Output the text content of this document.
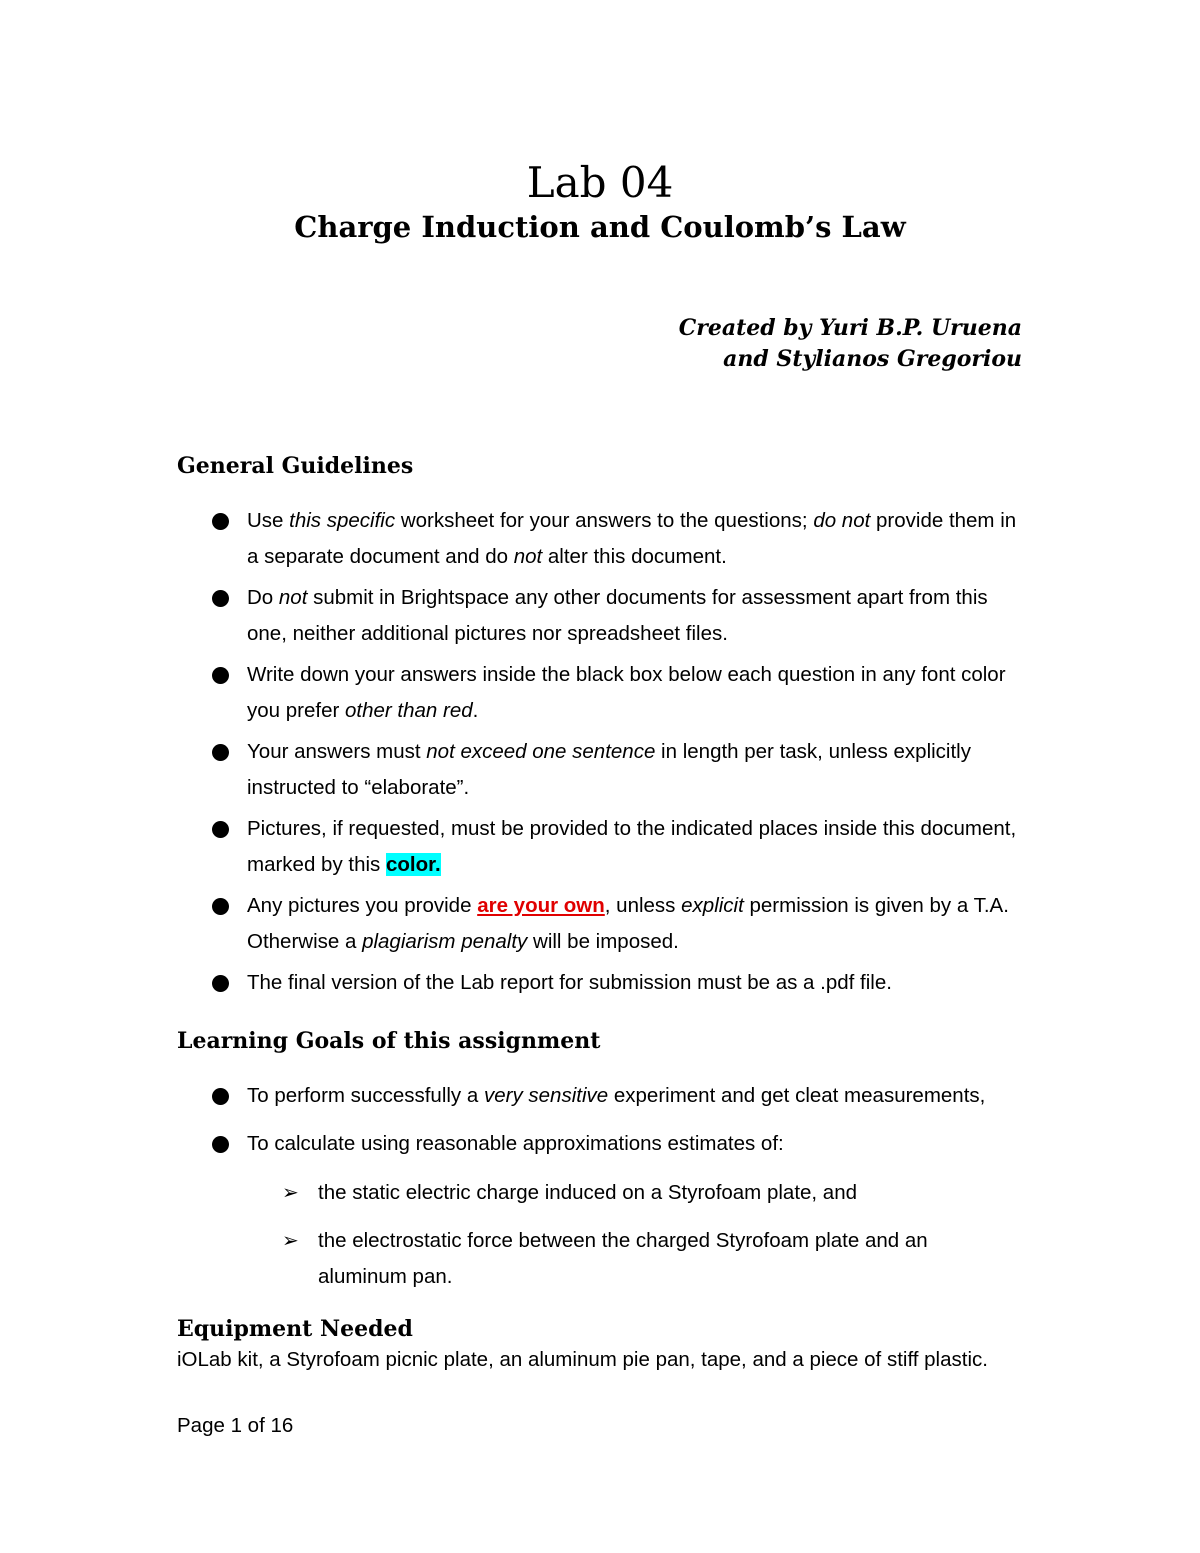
Lab 04
Charge Induction and Coulomb’s Law
Created by Yuri B.P. Uruena
and Stylianos Gregoriou
General Guidelines
Use this specific worksheet for your answers to the questions; do not provide them in a separate document and do not alter this document.
Do not submit in Brightspace any other documents for assessment apart from this one, neither additional pictures nor spreadsheet files.
Write down your answers inside the black box below each question in any font color you prefer other than red.
Your answers must not exceed one sentence in length per task, unless explicitly instructed to “elaborate”.
Pictures, if requested, must be provided to the indicated places inside this document, marked by this color.
Any pictures you provide are your own, unless explicit permission is given by a T.A. Otherwise a plagiarism penalty will be imposed.
The final version of the Lab report for submission must be as a .pdf file.
Learning Goals of this assignment
To perform successfully a very sensitive experiment and get cleat measurements,
To calculate using reasonable approximations estimates of:
➢ the static electric charge induced on a Styrofoam plate, and
➢ the electrostatic force between the charged Styrofoam plate and an aluminum pan.
Equipment Needed
iOLab kit, a Styrofoam picnic plate, an aluminum pie pan, tape, and a piece of stiff plastic.
Page 1 of 16
